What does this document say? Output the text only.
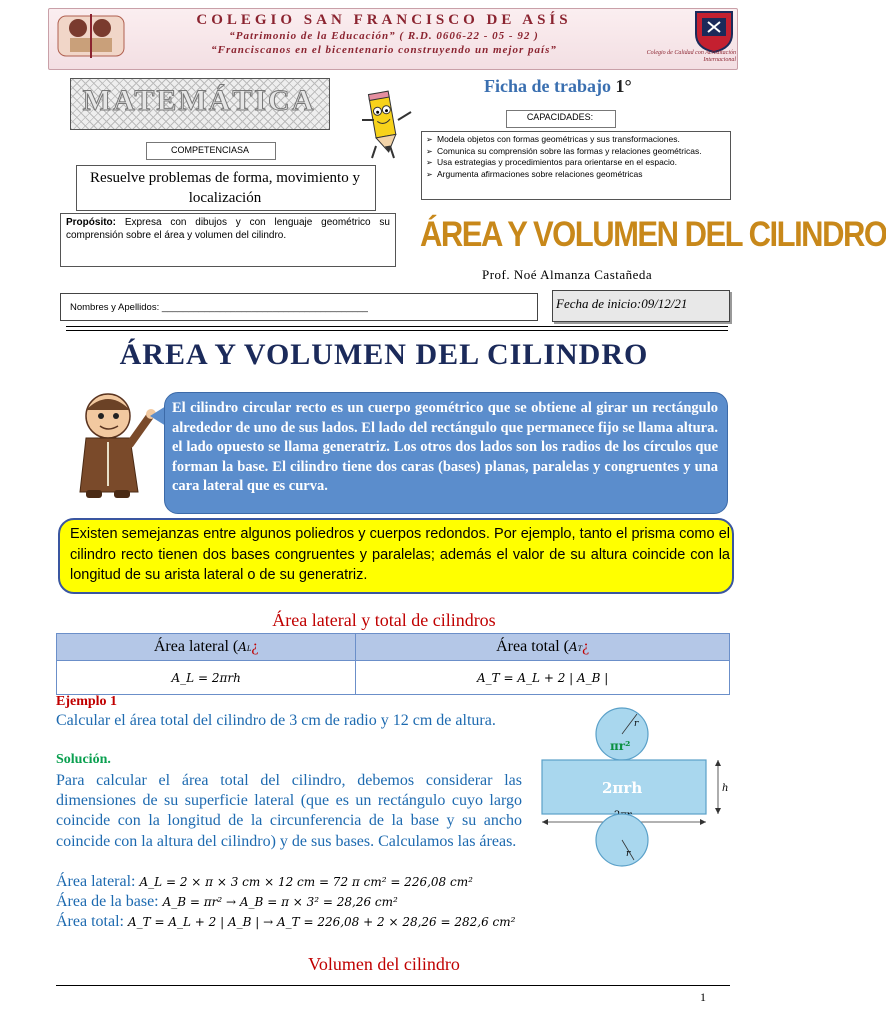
COLEGIO SAN FRANCISCO DE ASÍS
“Patrimonio de la Educación” ( R.D. 0606-22 - 05 - 92 )
“Franciscanos en el bicentenario construyendo un mejor país”	Colegio de Calidad con Acreditación Internacional
MATEMÁTICA	Ficha de trabajo 1°
CAPACIDADES:
➢ Modela objetos con formas geométricas y sus transformaciones.
➢ Comunica su comprensión sobre las formas y relaciones geométricas.
➢ Usa estrategias y procedimientos para orientarse en el espacio.
➢ Argumenta afirmaciones sobre relaciones geométricas
COMPETENCIASA
Resuelve problemas de forma, movimiento y localización
Propósito: Expresa con dibujos y con lenguaje geométrico su comprensión sobre el área y volumen del cilindro.	ÁREA Y VOLUMEN DEL CILINDRO
Prof. Noé Almanza Castañeda
Nombres y Apellidos: _______________________________________	Fecha de inicio:09/12/21
ÁREA Y VOLUMEN DEL CILINDRO
El cilindro circular recto es un cuerpo geométrico que se obtiene al girar un rectángulo alrededor de uno de sus lados. El lado del rectángulo que permanece fijo se llama altura. el lado opuesto se llama generatriz. Los otros dos lados son los radios de los círculos que forman la base. El cilindro tiene dos caras (bases) planas, paralelas y congruentes y una cara lateral que es curva.
Existen semejanzas entre algunos poliedros y cuerpos redondos. Por ejemplo, tanto el prisma como el cilindro recto tienen dos bases congruentes y paralelas; además el valor de su altura coincide con la longitud de su arista lateral o de su generatriz.
Área lateral y total de cilindros
Área lateral (AL¿	Área total (AT¿
A_L = 2πrh	A_T = A_L + 2 | A_B |
Ejemplo 1
Calcular el área total del cilindro de 3 cm de radio y 12 cm de altura.
Solución.
Para calcular el área total del cilindro, debemos considerar las dimensiones de su superficie lateral (que es un rectángulo cuyo largo coincide con la longitud de la circunferencia de la base y su ancho coincide con la altura del cilindro) y de sus bases. Calculamos las áreas.
Área lateral: A_L = 2 × π × 3 cm × 12 cm = 72 π cm² = 226,08 cm²
Área de la base: A_B = πr² → A_B = π × 3² = 28,26 cm²
Área total: A_T = A_L + 2 | A_B | → A_T = 226,08 + 2 × 28,26 = 282,6 cm²
r
πr²
2πrh	h
r
Volumen del cilindro
1
